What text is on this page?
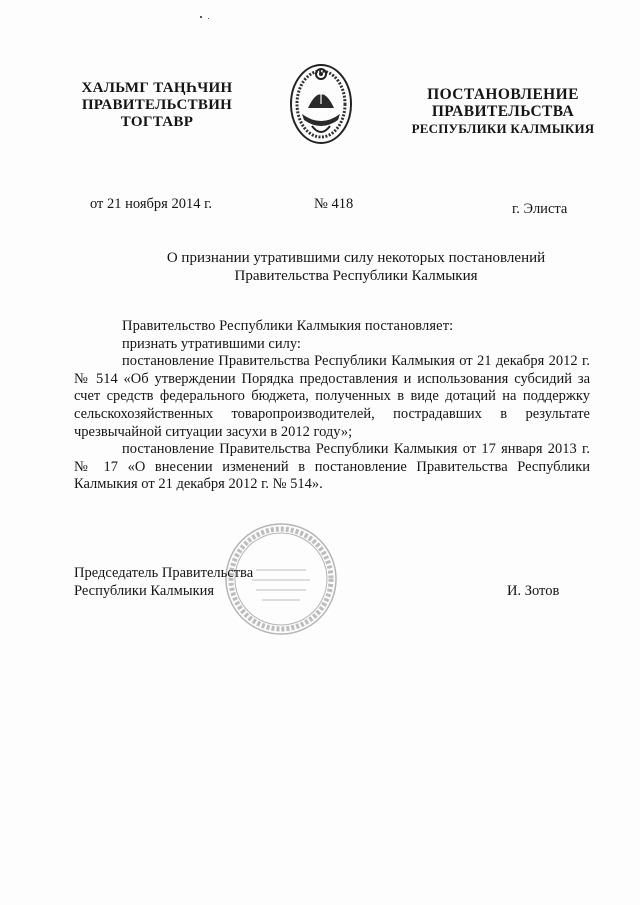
ХАЛЬМГ ТАҢҺЧИН
ПРАВИТЕЛЬСТВИН
ТОГТАВР
ПОСТАНОВЛЕНИЕ
ПРАВИТЕЛЬСТВА
РЕСПУБЛИКИ КАЛМЫКИЯ
от 21 ноября 2014 г.	№ 418	г. Элиста
О признании утратившими силу некоторых постановлений
Правительства Республики Калмыкия

Правительство Республики Калмыкия постановляет:

признать утратившими силу:

постановление Правительства Республики Калмыкия от 21 декабря 2012 г. № 514 «Об утверждении Порядка предоставления и использования субсидий за счет средств федерального бюджета, полученных в виде дотаций на поддержку сельскохозяйственных товаропроизводителей, пострадавших в результате чрезвычайной ситуации засухи в 2012 году»;

постановление Правительства Республики Калмыкия от 17 января 2013 г. № 17 «О внесении изменений в постановление Правительства Республики Калмыкия от 21 декабря 2012 г. № 514».

Председатель Правительства
Республики Калмыкия	И. Зотов
